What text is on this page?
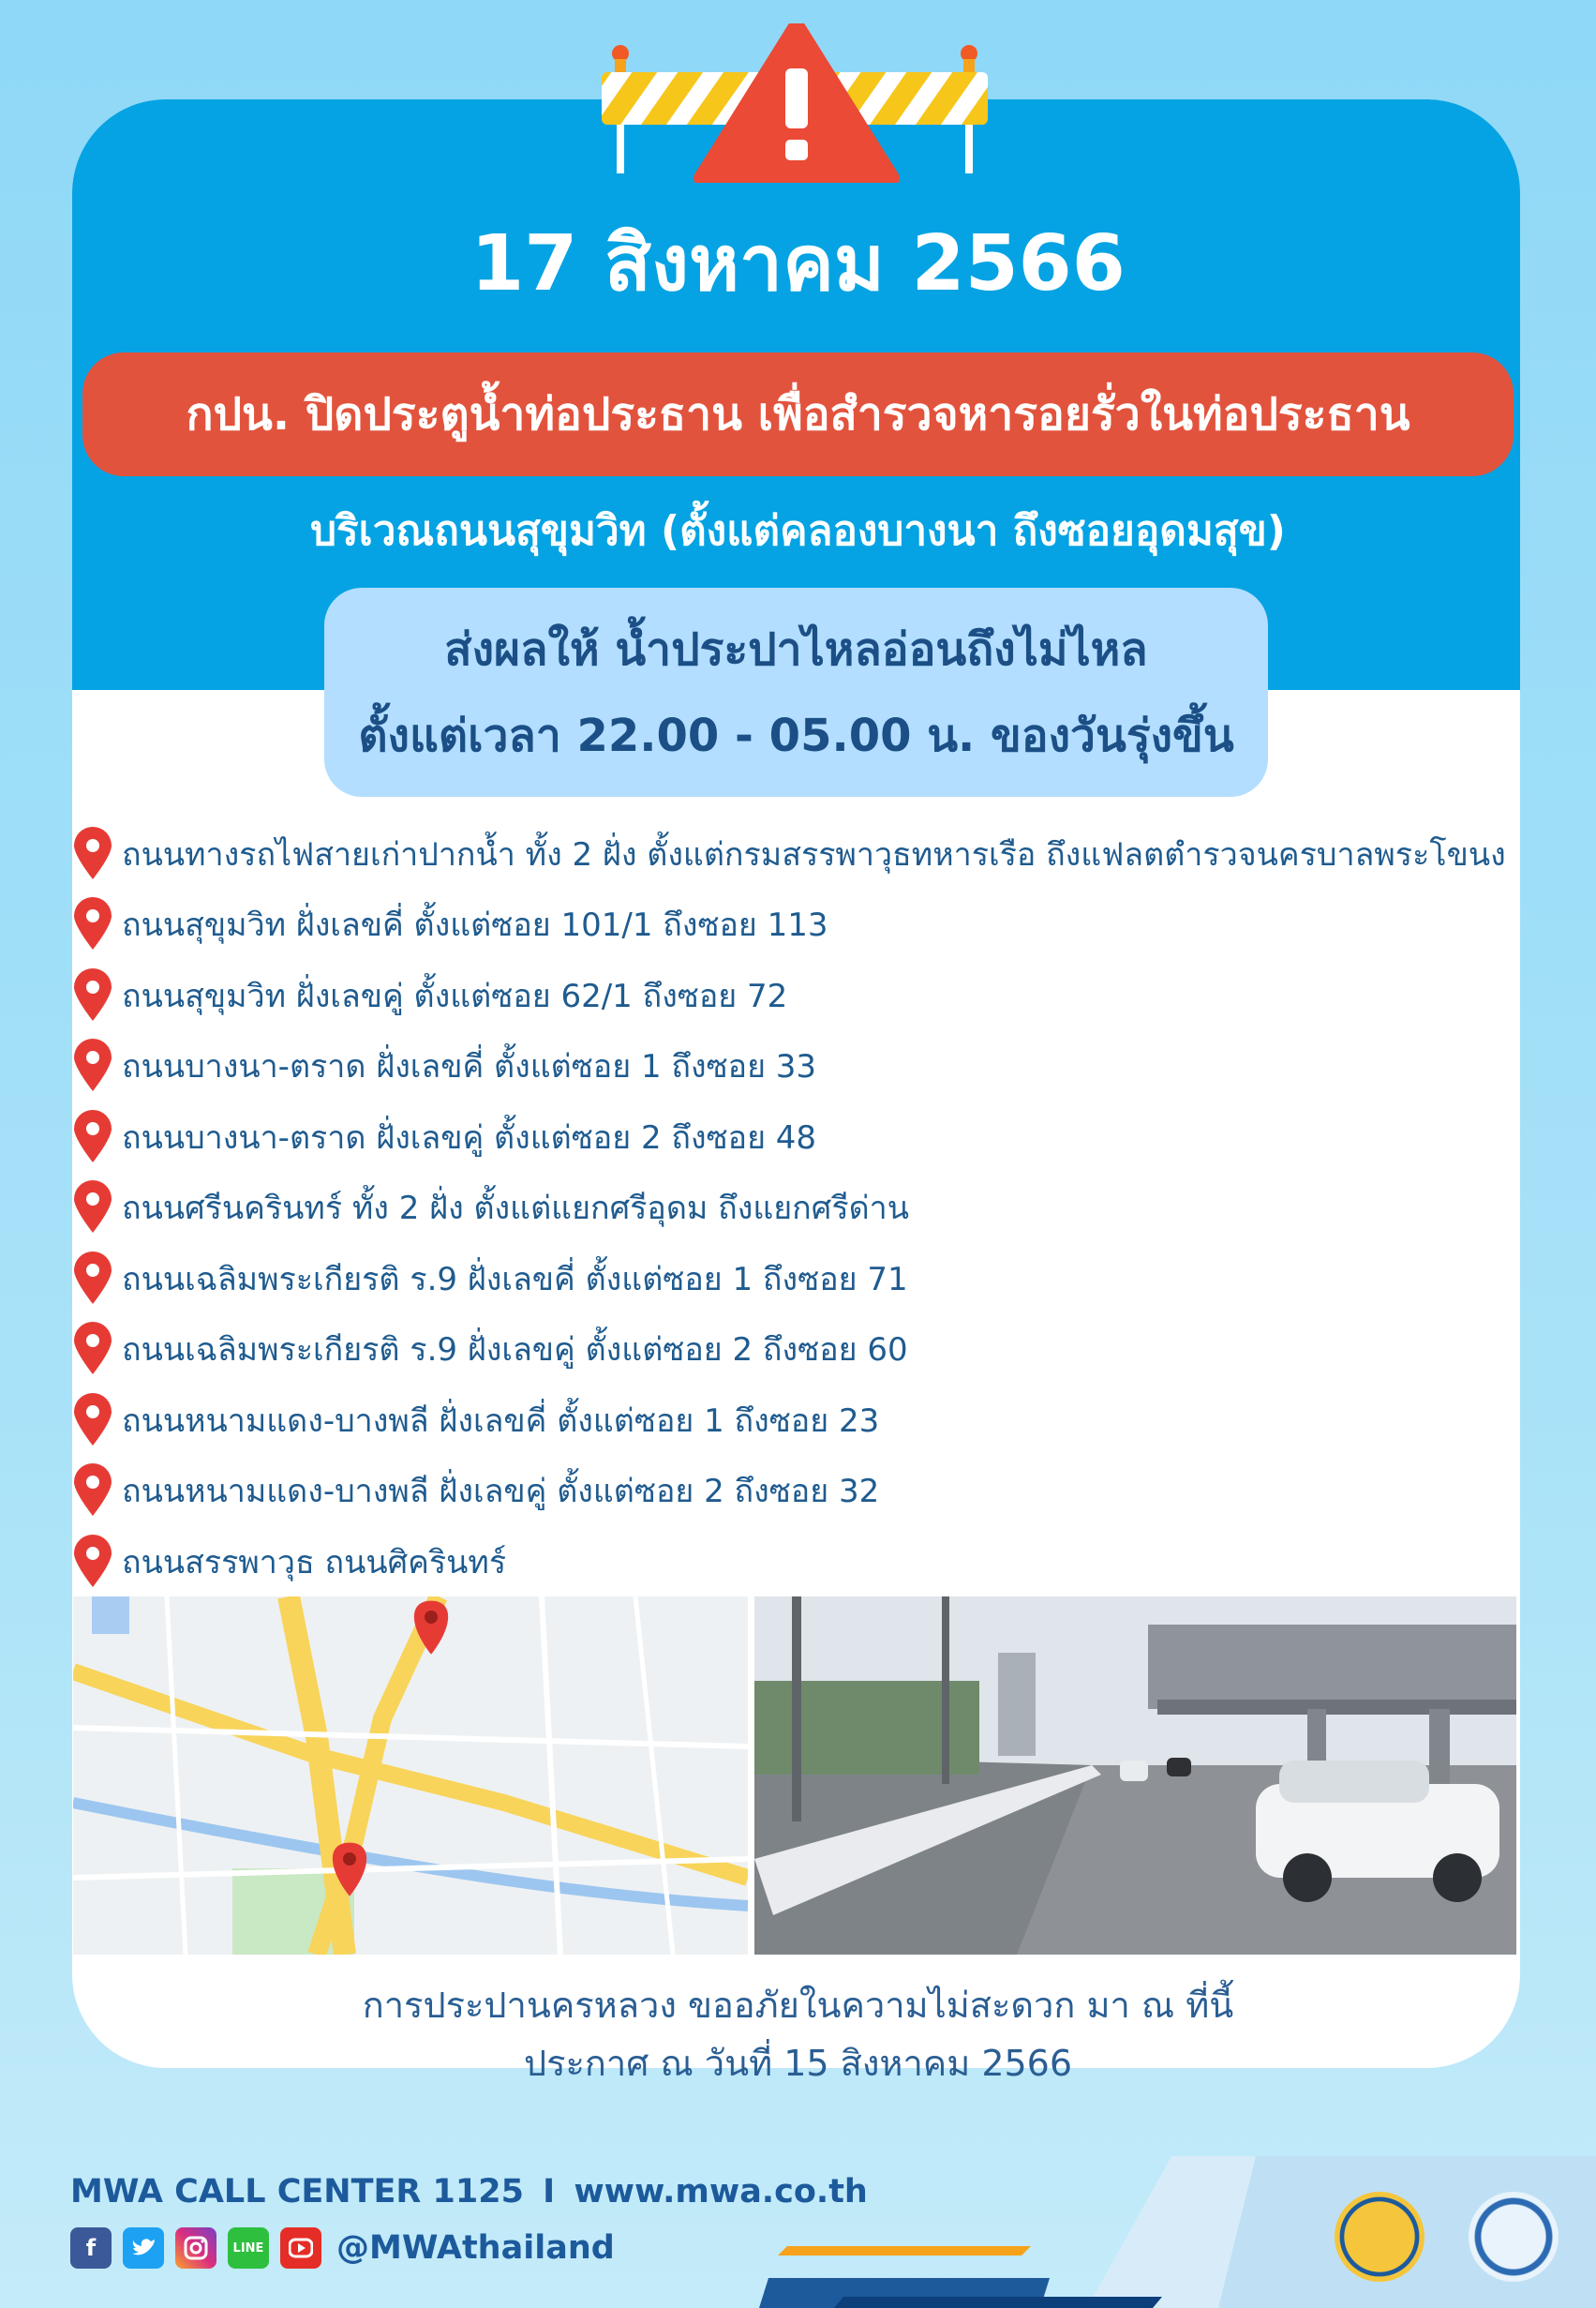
17 สิงหาคม 2566
กปน. ปิดประตูน้ำท่อประธาน เพื่อสำรวจหารอยรั่วในท่อประธาน
บริเวณถนนสุขุมวิท (ตั้งแต่คลองบางนา ถึงซอยอุดมสุข)
ส่งผลให้ น้ำประปาไหลอ่อนถึงไม่ไหล
ตั้งแต่เวลา 22.00 - 05.00 น. ของวันรุ่งขึ้น
ถนนทางรถไฟสายเก่าปากน้ำ ทั้ง 2 ฝั่ง ตั้งแต่กรมสรรพาวุธทหารเรือ ถึงแฟลตตำรวจนครบาลพระโขนง
ถนนสุขุมวิท ฝั่งเลขคี่ ตั้งแต่ซอย 101/1 ถึงซอย 113
ถนนสุขุมวิท ฝั่งเลขคู่ ตั้งแต่ซอย 62/1 ถึงซอย 72
ถนนบางนา-ตราด ฝั่งเลขคี่ ตั้งแต่ซอย 1 ถึงซอย 33
ถนนบางนา-ตราด ฝั่งเลขคู่ ตั้งแต่ซอย 2 ถึงซอย 48
ถนนศรีนครินทร์ ทั้ง 2 ฝั่ง ตั้งแต่แยกศรีอุดม ถึงแยกศรีด่าน
ถนนเฉลิมพระเกียรติ ร.9 ฝั่งเลขคี่ ตั้งแต่ซอย 1 ถึงซอย 71
ถนนเฉลิมพระเกียรติ ร.9 ฝั่งเลขคู่ ตั้งแต่ซอย 2 ถึงซอย 60
ถนนหนามแดง-บางพลี ฝั่งเลขคี่ ตั้งแต่ซอย 1 ถึงซอย 23
ถนนหนามแดง-บางพลี ฝั่งเลขคู่ ตั้งแต่ซอย 2 ถึงซอย 32
ถนนสรรพาวุธ ถนนศิครินทร์
การประปานครหลวง ขออภัยในความไม่สะดวก มา ณ ที่นี้
ประกาศ ณ วันที่ 15 สิงหาคม 2566
MWA CALL CENTER 1125 I www.mwa.co.th
f	LINE @MWAthailand
